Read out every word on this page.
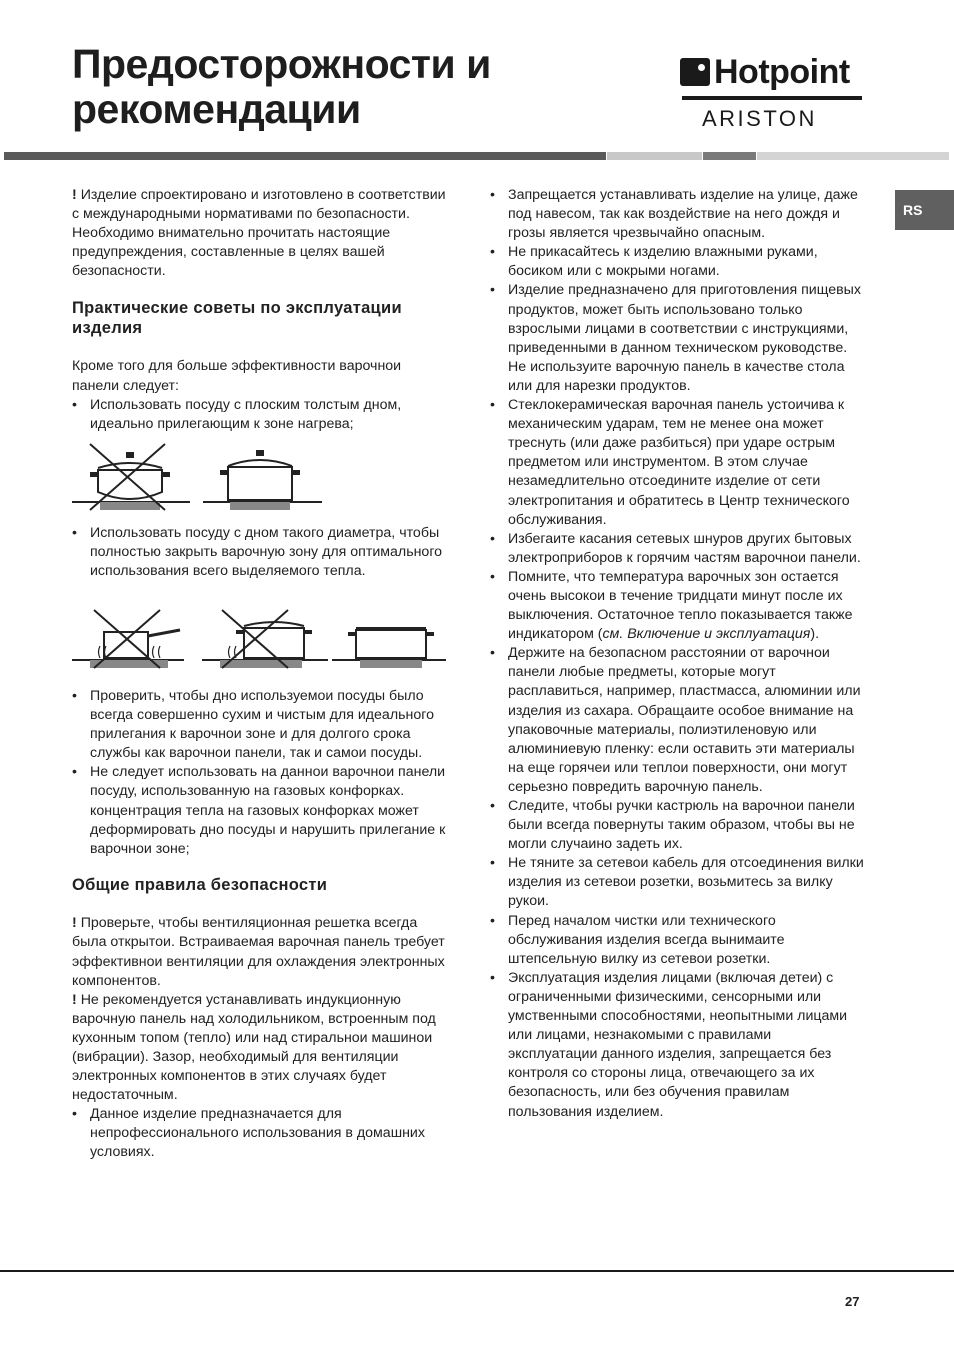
Предосторожности и
рекомендации
Hotpoint
ARISTON
RS

! Изделие спроектировано и изготовлено в соответствии с международными нормативами по безопасности. Необходимо внимательно прочитать настоящие предупреждения, составленные в целях вашей безопасности.

Практические советы по эксплуатации изделия

Кроме того для больше эффективности варочнои панели следует:

• Использовать посуду с плоским толстым дном, идеально прилегающим к зоне нагрева;
• Использовать посуду с дном такого диаметра, чтобы полностью закрыть варочную зону для оптимального использования всего выделяемого тепла.
• Проверить, чтобы дно используемои посуды было всегда совершенно сухим и чистым для идеального прилегания к варочнои зоне и для долгого срока службы как варочнои панели, так и самои посуды.
• Не следует использовать на даннои варочнои панели посуду, использованную на газовых конфорках. концентрация тепла на газовых конфорках может деформировать дно посуды и нарушить прилегание к варочнои зоне;
Общие правила безопасности

! Проверьте, чтобы вентиляционная решетка всегда была открытои. Встраиваемая варочная панель требует эффективнои вентиляции для охлаждения электронных компонентов.

! Не рекомендуется устанавливать индукционную варочную панель над холодильником, встроенным под кухонным топом (тепло) или над стиральнои машинои (вибрации). Зазор, необходимый для вентиляции электронных компонентов в этих случаях будет недостаточным.

• Данное изделие предназначается для непрофессионального использования в домашних условиях.
• Запрещается устанавливать изделие на улице, даже под навесом, так как воздействие на него дождя и грозы является чрезвычайно опасным.
• Не прикасайтесь к изделию влажными руками, босиком или с мокрыми ногами.
• Изделие предназначено для приготовления пищевых продуктов, может быть использовано только взрослыми лицами в соответствии с инструкциями, приведенными в данном техническом руководстве. Не используите варочную панель в качестве стола или для нарезки продуктов.
• Стеклокерамическая варочная панель устоичива к механическим ударам, тем не менее она может треснуть (или даже разбиться) при ударе острым предметом или инструментом. В этом случае незамедлительно отсоедините изделие от сети электропитания и обратитесь в Центр технического обслуживания.
• Избегаите касания сетевых шнуров других бытовых электроприборов к горячим частям варочнои панели.
• Помните, что температура варочных зон остается очень высокои в течение тридцати минут после их выключения. Остаточное тепло показывается также индикатором (см. Включение и эксплуатация).
• Держите на безопасном расстоянии от варочнои панели любые предметы, которые могут расплавиться, например, пластмасса, алюминии или изделия из сахара. Обращаите особое внимание на упаковочные материалы, полиэтиленовую или алюминиевую пленку: если оставить эти материалы на еще горячеи или теплои поверхности, они могут серьезно повредить варочную панель.
• Следите, чтобы ручки кастрюль на варочнои панели были всегда повернуты таким образом, чтобы вы не могли случаино задеть их.
• Не тяните за сетевои кабель для отсоединения вилки изделия из сетевои розетки, возьмитесь за вилку рукои.
• Перед началом чистки или технического обслуживания изделия всегда вынимаите штепсельную вилку из сетевои розетки.
• Эксплуатация изделия лицами (включая детеи) с ограниченными физическими, сенсорными или умственными способностями, неопытными лицами или лицами, незнакомыми с правилами эксплуатации данного изделия, запрещается без контроля со стороны лица, отвечающего за их безопасность, или без обучения правилам пользования изделием.
27
